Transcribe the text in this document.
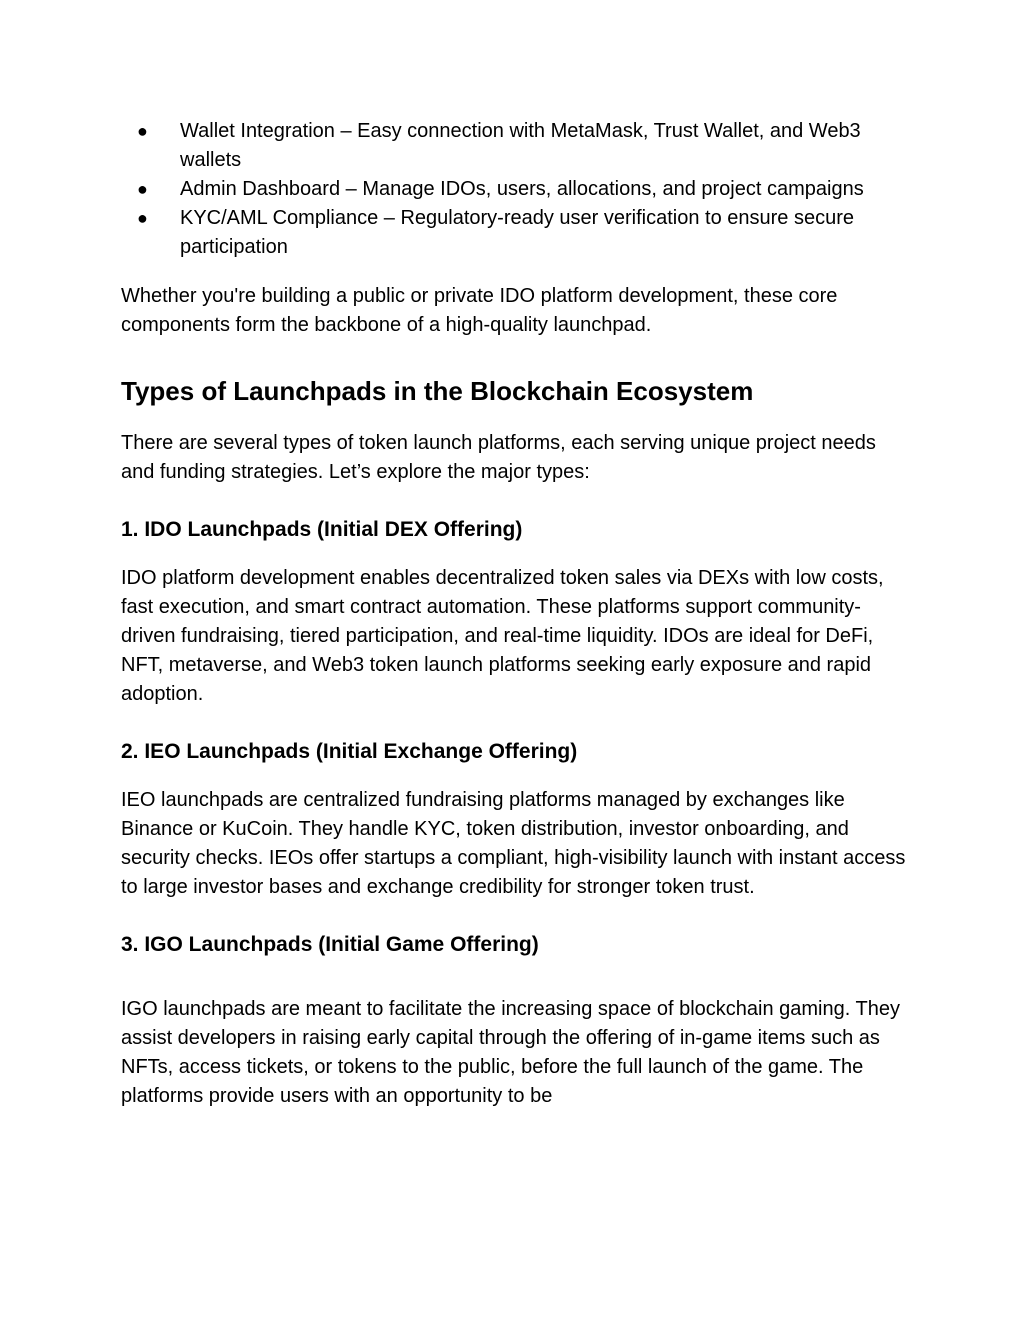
● Wallet Integration – Easy connection with MetaMask, Trust Wallet, and Web3 wallets
● Admin Dashboard – Manage IDOs, users, allocations, and project campaigns
● KYC/AML Compliance – Regulatory-ready user verification to ensure secure participation

Whether you're building a public or private IDO platform development, these core components form the backbone of a high-quality launchpad.

Types of Launchpads in the Blockchain Ecosystem

There are several types of token launch platforms, each serving unique project needs and funding strategies. Let’s explore the major types:

1. IDO Launchpads (Initial DEX Offering)

IDO platform development enables decentralized token sales via DEXs with low costs, fast execution, and smart contract automation. These platforms support community-driven fundraising, tiered participation, and real-time liquidity. IDOs are ideal for DeFi, NFT, metaverse, and Web3 token launch platforms seeking early exposure and rapid adoption.

2. IEO Launchpads (Initial Exchange Offering)

IEO launchpads are centralized fundraising platforms managed by exchanges like Binance or KuCoin. They handle KYC, token distribution, investor onboarding, and security checks. IEOs offer startups a compliant, high-visibility launch with instant access to large investor bases and exchange credibility for stronger token trust.

3. IGO Launchpads (Initial Game Offering)

IGO launchpads are meant to facilitate the increasing space of blockchain gaming. They assist developers in raising early capital through the offering of in-game items such as NFTs, access tickets, or tokens to the public, before the full launch of the game. The platforms provide users with an opportunity to be
